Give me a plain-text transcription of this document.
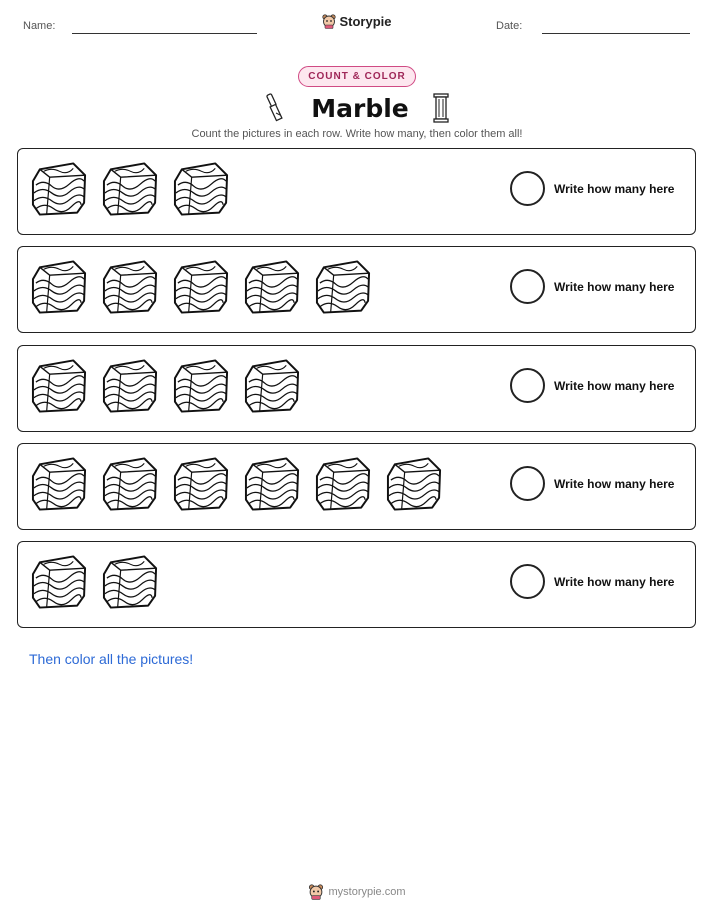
Name:	Storypie	Date:
COUNT & COLOR
Marble
Count the pictures in each row. Write how many, then color them all!
Write how many here
Write how many here
Write how many here
Write how many here
Write how many here
Then color all the pictures!
mystorypie.com
